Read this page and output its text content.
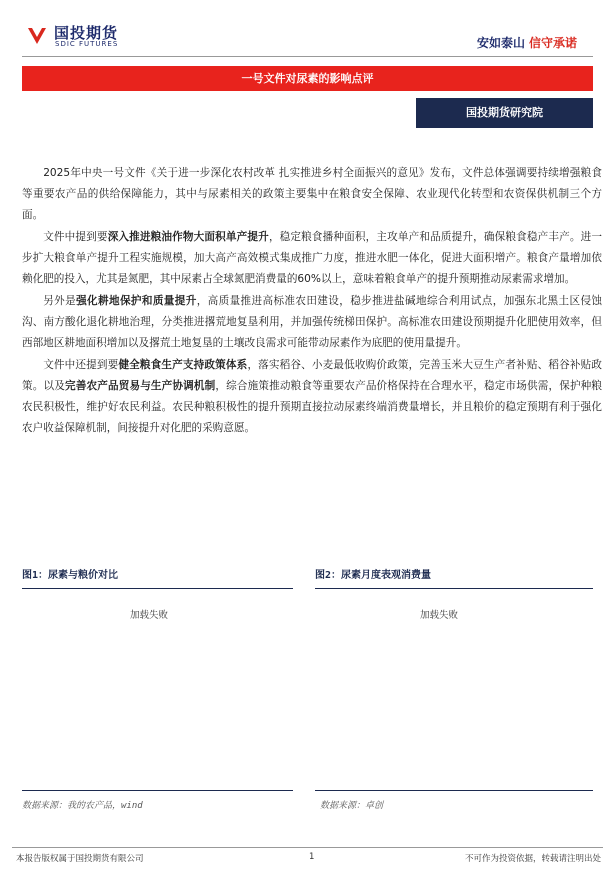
国投期货
SDIC FUTURES	安如泰山 信守承诺
一号文件对尿素的影响点评
国投期货研究院

2025年中央一号文件《关于进一步深化农村改革 扎实推进乡村全面振兴的意见》发布，文件总体强调要持续增强粮食等重要农产品的供给保障能力，其中与尿素相关的政策主要集中在粮食安全保障、农业现代化转型和农资保供机制三个方面。

文件中提到要深入推进粮油作物大面积单产提升，稳定粮食播种面积，主攻单产和品质提升，确保粮食稳产丰产。进一步扩大粮食单产提升工程实施规模，加大高产高效模式集成推广力度，推进水肥一体化，促进大面积增产。粮食产量增加依赖化肥的投入，尤其是氮肥，其中尿素占全球氮肥消费量的60%以上，意味着粮食单产的提升预期推动尿素需求增加。

另外是强化耕地保护和质量提升，高质量推进高标准农田建设，稳步推进盐碱地综合利用试点，加强东北黑土区侵蚀沟、南方酸化退化耕地治理，分类推进撂荒地复垦利用，并加强传统梯田保护。高标准农田建设预期提升化肥使用效率，但西部地区耕地面积增加以及撂荒土地复垦的土壤改良需求可能带动尿素作为底肥的使用量提升。

文件中还提到要健全粮食生产支持政策体系，落实稻谷、小麦最低收购价政策，完善玉米大豆生产者补贴、稻谷补贴政策。以及完善农产品贸易与生产协调机制，综合施策推动粮食等重要农产品价格保持在合理水平，稳定市场供需，保护种粮农民积极性，维护好农民利益。农民种粮积极性的提升预期直接拉动尿素终端消费量增长，并且粮价的稳定预期有利于强化农户收益保障机制，间接提升对化肥的采购意愿。

图1：尿素与粮价对比
加载失败
数据来源：我的农产品，wind
图2：尿素月度表观消费量
加载失败
数据来源：卓创
本报告版权属于国投期货有限公司	1	不可作为投资依据，转载请注明出处
